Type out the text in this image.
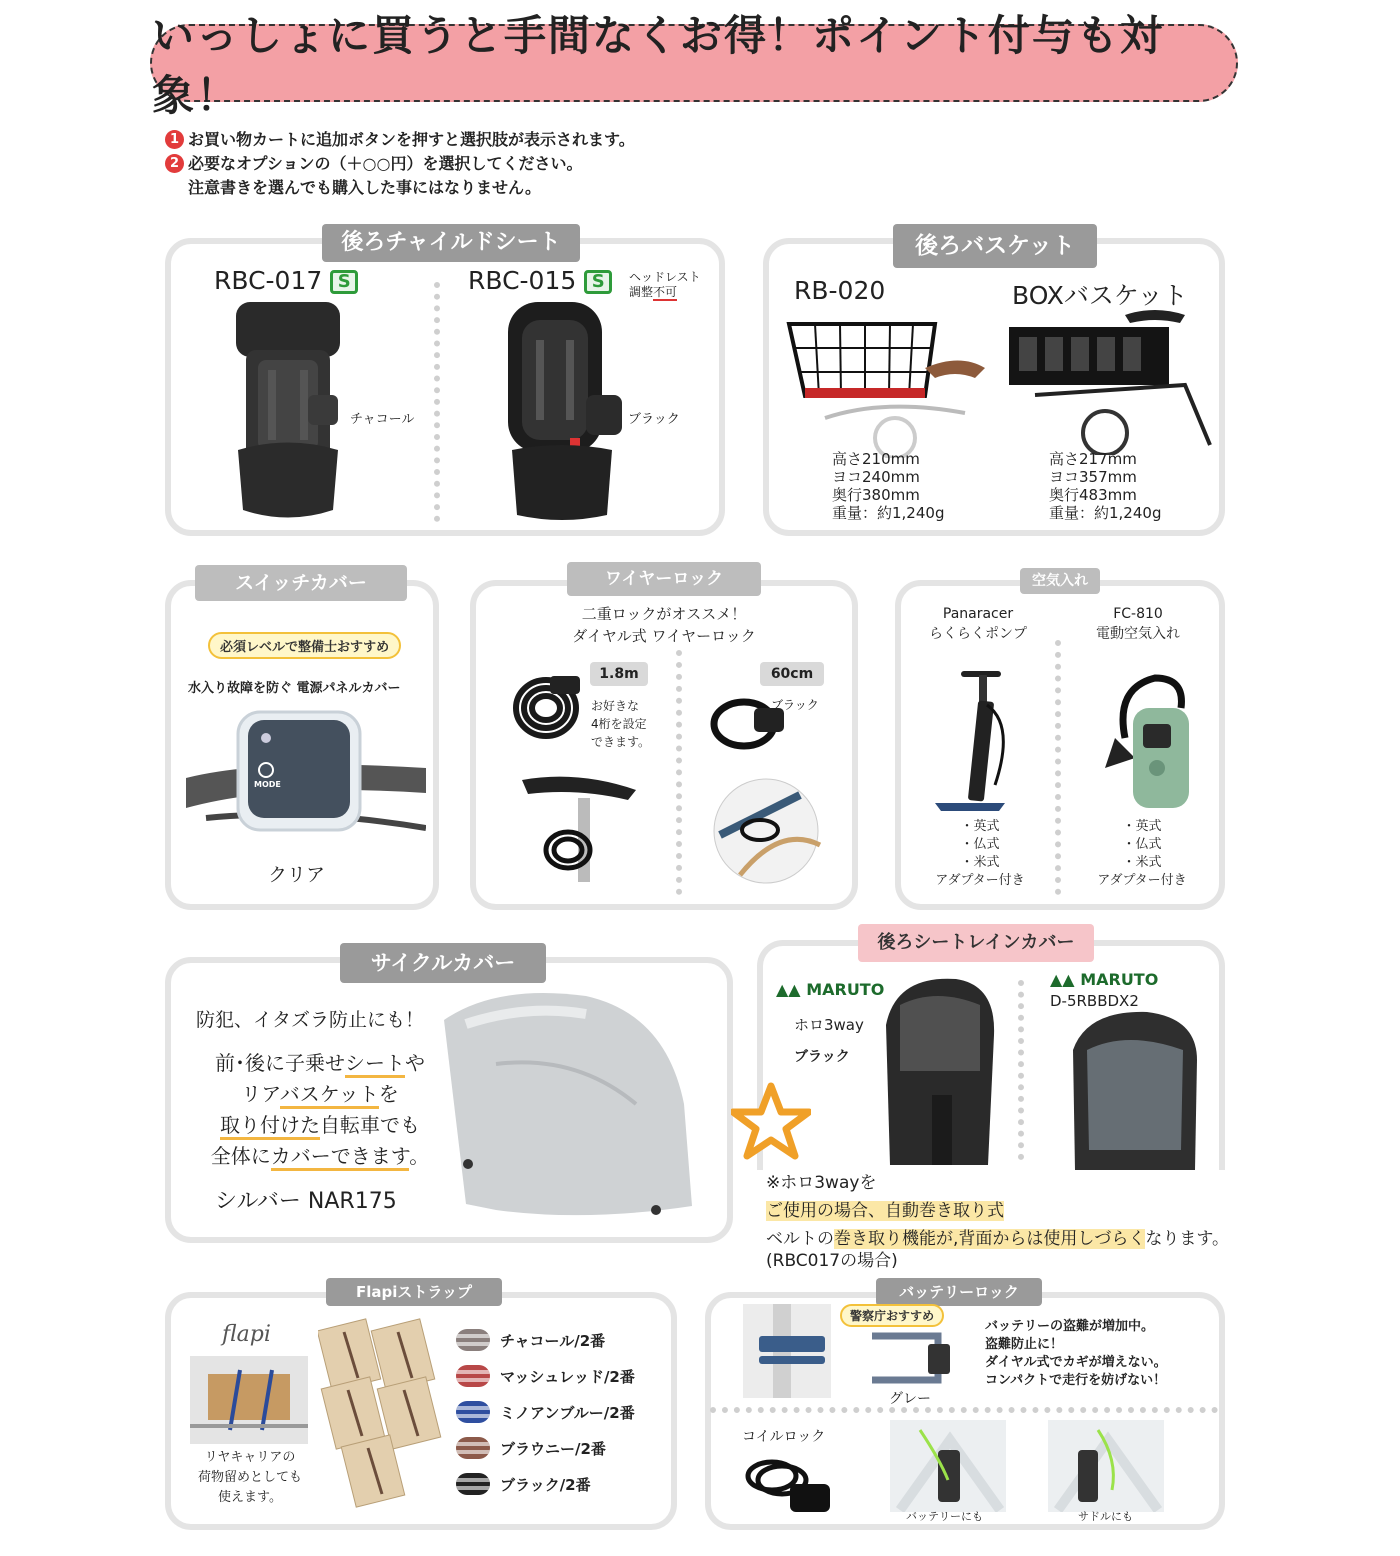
いっしょに買うと手間なくお得！ポイント付与も対象！
1 お買い物カートに追加ボタンを押すと選択肢が表示されます。
2 必要なオプションの（＋○○円）を選択してください。
注意書きを選んでも購入した事にはなりません。
後ろチャイルドシート
RBC-017 S	RBC-015 S	ヘッドレスト
調整不可
チャコール	ブラック
後ろバスケット
RB-020	BOXバスケット
高さ210mm
ヨコ240mm
奥行380mm
重量：約1,240g
高さ217mm
ヨコ357mm
奥行483mm
重量：約1,240g
スイッチカバー
必須レベルで整備士おすすめ
水入り故障を防ぐ 電源パネルカバー
MODE
クリア
ワイヤーロック
二重ロックがオススメ！
ダイヤル式 ワイヤーロック
1.8m	60cm
お好きな
4桁を設定
できます。
ブラック
空気入れ
Panaracer
らくらくポンプ
FC-810
電動空気入れ
・英式
・仏式
・米式
アダプター付き
・英式
・仏式
・米式
アダプター付き
サイクルカバー
防犯、イタズラ防止にも！
前･後に子乗せシートや
リアバスケットを
取り付けた自転車でも
全体にカバーできます。
シルバー NAR175
後ろシートレインカバー
▲▲ MARUTO
▲▲ MARUTO
D-5RBBDX2
ホロ3way
ブラック
※ホロ3wayを
ご使用の場合、自動巻き取り式
ベルトの巻き取り機能が,背面からは使用しづらくなります。
(RBC017の場合)
Flapiストラップ
flapi
リヤキャリアの
荷物留めとしても
使えます。
チャコール/2番
マッシュレッド/2番
ミノアンブルー/2番
ブラウニー/2番
ブラック/2番
バッテリーロック
警察庁おすすめ
グレー
バッテリーの盗難が増加中。
盗難防止に！
ダイヤル式でカギが増えない。
コンパクトで走行を妨げない！
コイルロック
バッテリーにも	サドルにも
